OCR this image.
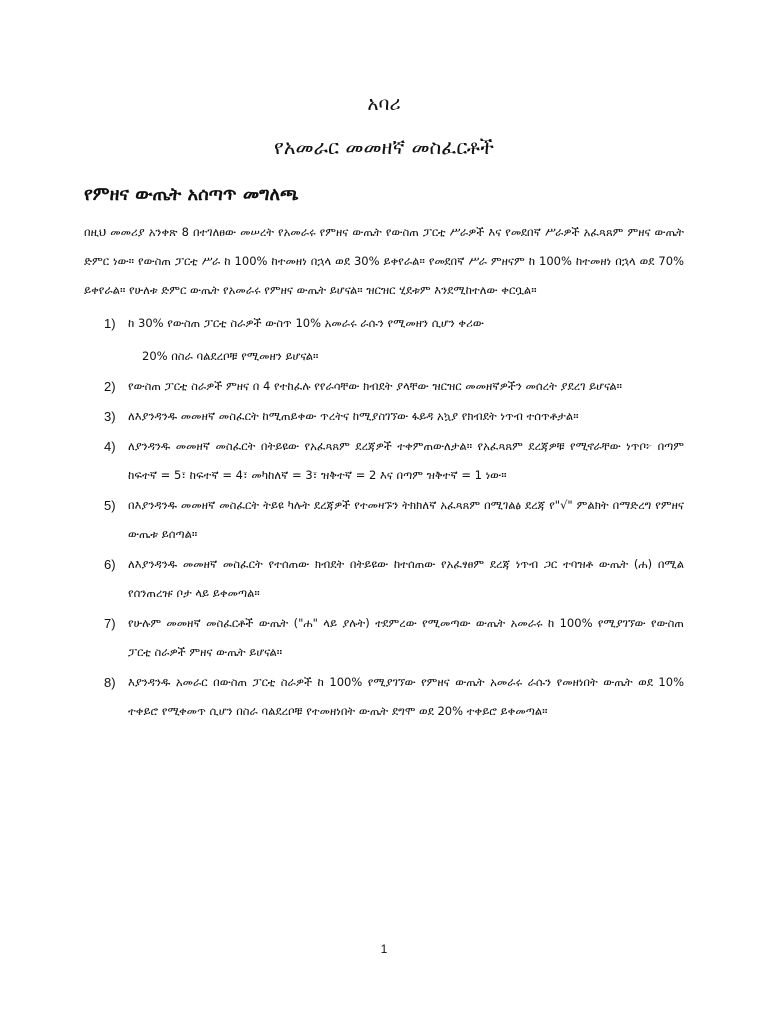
አባሪ
የአመራር መመዘኛ መስፈርቶች
የምዘና ውጤት አሰጣጥ መግለጫ

በዚህ መመሪያ አንቀጽ 8 በተገለፀው መሠረት የአመራሩ የምዘና ውጤት የውስጠ ፓርቲ ሥራዎች እና የመደበኛ ሥራዎች አፈጻጸም ምዘና ውጤት ድምር ነው። የውስጠ ፓርቲ ሥራ ከ 100% ከተመዘነ በኋላ ወደ 30% ይቀየራል። የመደበኛ ሥራ ምዘናም ከ 100% ከተመዘነ በኋላ ወደ 70% ይቀየራል። የሁለቱ ድምር ውጤት የአመራሩ የምዘና ውጤት ይሆናል። ዝርዝር ሂደቱም እንደሚከተለው ቀርቧል።

1) ከ 30% የውስጠ ፓርቲ ስራዎች ውስጥ 10% አመራሩ ራሱን የሚመዘን ሲሆን ቀሪው
20% በስራ ባልደረቦቹ የሚመዘን ይሆናል።
2) የውስጠ ፓርቲ ስራዎች ምዘና በ 4 የተከፈሉ የየራሳቸው ክብደት ያላቸው ዝርዝር መመዘኛዎችን መሰረት ያደረገ ይሆናል።
3) ለእያንዳንዱ መመዘኛ መስፈርት ከሚጠይቀው ጥረትና ከሚያስገኘው ፋይዳ አኳያ የክብደት ነጥብ ተሰጥቶታል።
4) ለያንዳንዱ መመዘኛ መስፈርት በትይዩው የአፈጻጸም ደረጃዎች ተቀምጠውለታል። የአፈጻጸም ደረጃዎቹ የሚኖራቸው ነጥቦ፦ በጣም ከፍተኛ = 5፣ ከፍተኛ = 4፣ መካከለኛ = 3፣ ዝቅተኛ = 2 እና በጣም ዝቅተኛ = 1 ነው።
5) በእያንዳንዱ መመዘኛ መስፈርት ትይዩ ካሉት ደረጃዎች የተመዛኙን ትክክለኛ አፈጻጸም በሚገልፅ ደረጃ የ"√" ምልክት በማድረግ የምዘና ውጤቱ ይሰጣል።
6) ለእያንዳንዱ መመዘኛ መስፈርት የተሰጠው ክብደት በትይዩው ከተሰጠው የአፈፃፀም ደረጃ ነጥብ ጋር ተባዝቶ ውጤት (ሐ) በሚል የሰንጠረዡ ቦታ ላይ ይቀመጣል።
7) የሁሉም መመዘኛ መስፈርቶች ውጤት ("ሐ" ላይ ያሉት) ተደምረው የሚመጣው ውጤት አመራሩ ከ 100% የሚያገኘው የውስጠ ፓርቲ ስራዎች ምዘና ውጤት ይሆናል።
8) እያንዳንዱ አመራር በውስጠ ፓርቲ ስራዎች ከ 100% የሚያገኘው የምዘና ውጤት አመራሩ ራሱን የመዘነበት ውጤት ወደ 10% ተቀይሮ የሚቀመጥ ሲሆን በስራ ባልደረቦቹ የተመዘነበት ውጤት ደግሞ ወደ 20% ተቀይሮ ይቀመጣል።
1
